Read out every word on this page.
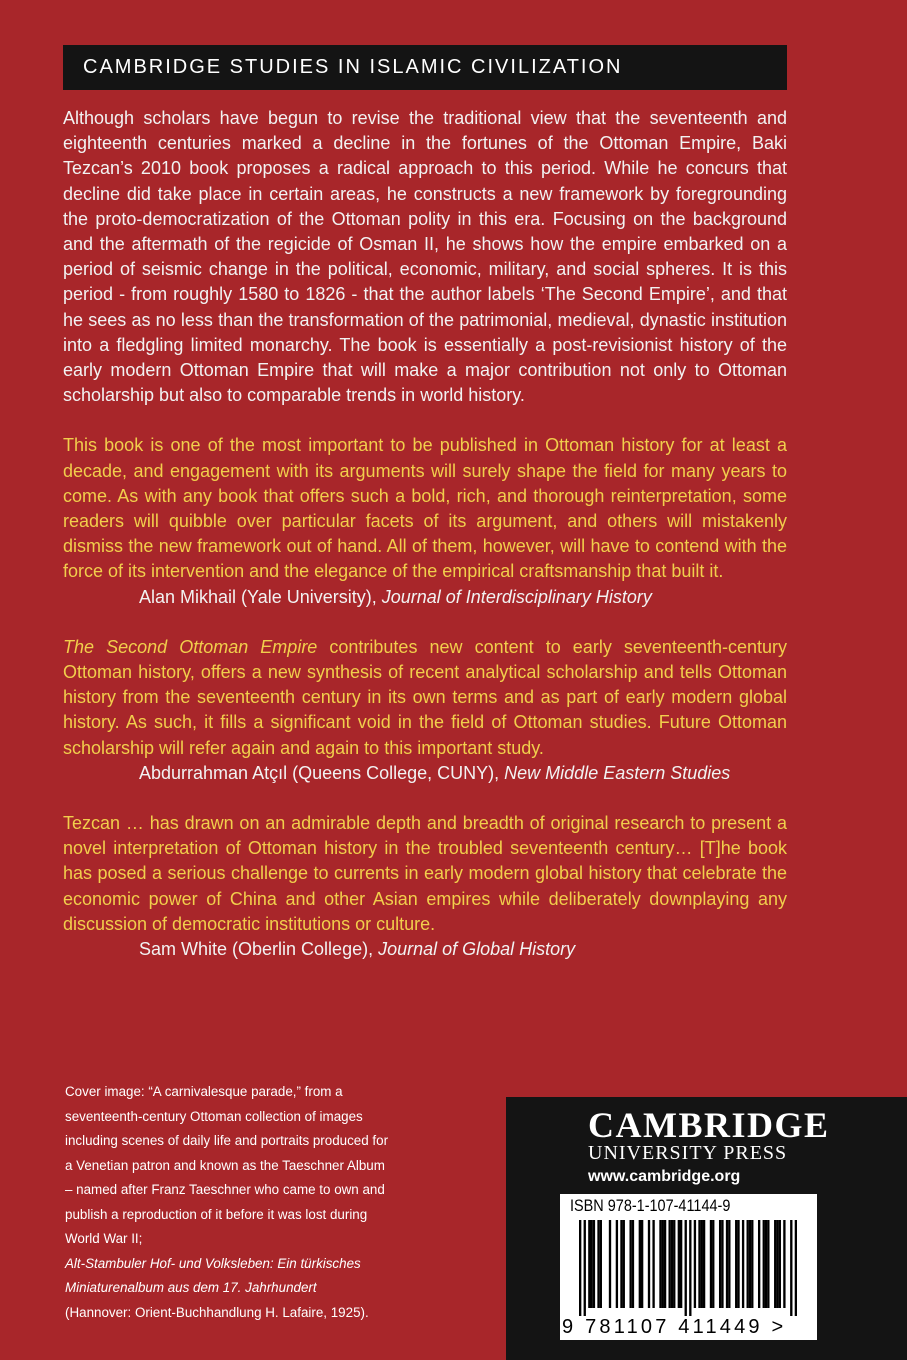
CAMBRIDGE STUDIES IN ISLAMIC CIVILIZATION

Although scholars have begun to revise the traditional view that the seventeenth and eighteenth centuries marked a decline in the fortunes of the Ottoman Empire, Baki Tezcan’s 2010 book proposes a radical approach to this period. While he concurs that decline did take place in certain areas, he constructs a new framework by foregrounding the proto-democratization of the Ottoman polity in this era. Focusing on the background and the aftermath of the regicide of Osman II, he shows how the empire embarked on a period of seismic change in the political, economic, military, and social spheres. It is this period - from roughly 1580 to 1826 - that the author labels ‘The Second Empire’, and that he sees as no less than the transformation of the patrimonial, medieval, dynastic institution into a fledgling limited monarchy. The book is essentially a post-revisionist history of the early modern Ottoman Empire that will make a major contribution not only to Ottoman scholarship but also to comparable trends in world history.

This book is one of the most important to be published in Ottoman history for at least a decade, and engagement with its arguments will surely shape the field for many years to come. As with any book that offers such a bold, rich, and thorough reinterpretation, some readers will quibble over particular facets of its argument, and others will mistakenly dismiss the new framework out of hand. All of them, however, will have to contend with the force of its intervention and the elegance of the empirical craftsmanship that built it.

Alan Mikhail (Yale University), Journal of Interdisciplinary History

The Second Ottoman Empire contributes new content to early seventeenth-century Ottoman history, offers a new synthesis of recent analytical scholarship and tells Ottoman history from the seventeenth century in its own terms and as part of early modern global history. As such, it fills a significant void in the field of Ottoman studies. Future Ottoman scholarship will refer again and again to this important study.

Abdurrahman Atçıl (Queens College, CUNY), New Middle Eastern Studies

Tezcan … has drawn on an admirable depth and breadth of original research to present a novel interpretation of Ottoman history in the troubled seventeenth century… [T]he book has posed a serious challenge to currents in early modern global history that celebrate the economic power of China and other Asian empires while deliberately downplaying any discussion of democratic institutions or culture.

Sam White (Oberlin College), Journal of Global History

Cover image: “A carnivalesque parade,” from a seventeenth-century Ottoman collection of images including scenes of daily life and portraits produced for a Venetian patron and known as the Taeschner Album – named after Franz Taeschner who came to own and publish a reproduction of it before it was lost during World War II;

Alt-Stambuler Hof- und Volksleben: Ein türkisches Miniaturenalbum aus dem 17. Jahrhundert

(Hannover: Orient-Buchhandlung H. Lafaire, 1925).

CAMBRIDGE
UNIVERSITY PRESS
www.cambridge.org
ISBN 978-1-107-41144-9
9 781107 411449 >
